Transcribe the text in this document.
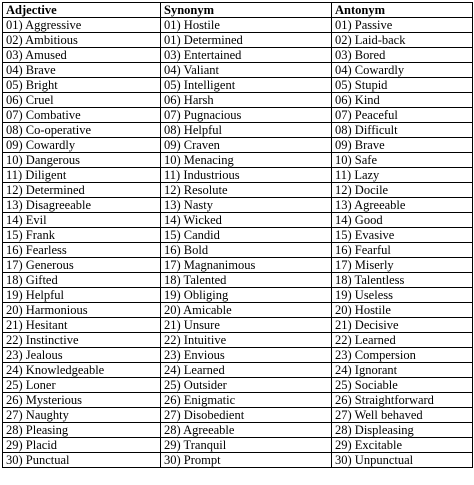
Adjective	Synonym	Antonym
01) Aggressive	01) Hostile	01) Passive
02) Ambitious	01) Determined	02) Laid-back
03) Amused	03) Entertained	03) Bored
04) Brave	04) Valiant	04) Cowardly
05) Bright	05) Intelligent	05) Stupid
06) Cruel	06) Harsh	06) Kind
07) Combative	07) Pugnacious	07) Peaceful
08) Co-operative	08) Helpful	08) Difficult
09) Cowardly	09) Craven	09) Brave
10) Dangerous	10) Menacing	10) Safe
11) Diligent	11) Industrious	11) Lazy
12) Determined	12) Resolute	12) Docile
13) Disagreeable	13) Nasty	13) Agreeable
14) Evil	14) Wicked	14) Good
15) Frank	15) Candid	15) Evasive
16) Fearless	16) Bold	16) Fearful
17) Generous	17) Magnanimous	17) Miserly
18) Gifted	18) Talented	18) Talentless
19) Helpful	19) Obliging	19) Useless
20) Harmonious	20) Amicable	20) Hostile
21) Hesitant	21) Unsure	21) Decisive
22) Instinctive	22) Intuitive	22) Learned
23) Jealous	23) Envious	23) Compersion
24) Knowledgeable	24) Learned	24) Ignorant
25) Loner	25) Outsider	25) Sociable
26) Mysterious	26) Enigmatic	26) Straightforward
27) Naughty	27) Disobedient	27) Well behaved
28) Pleasing	28) Agreeable	28) Displeasing
29) Placid	29) Tranquil	29) Excitable
30) Punctual	30) Prompt	30) Unpunctual
